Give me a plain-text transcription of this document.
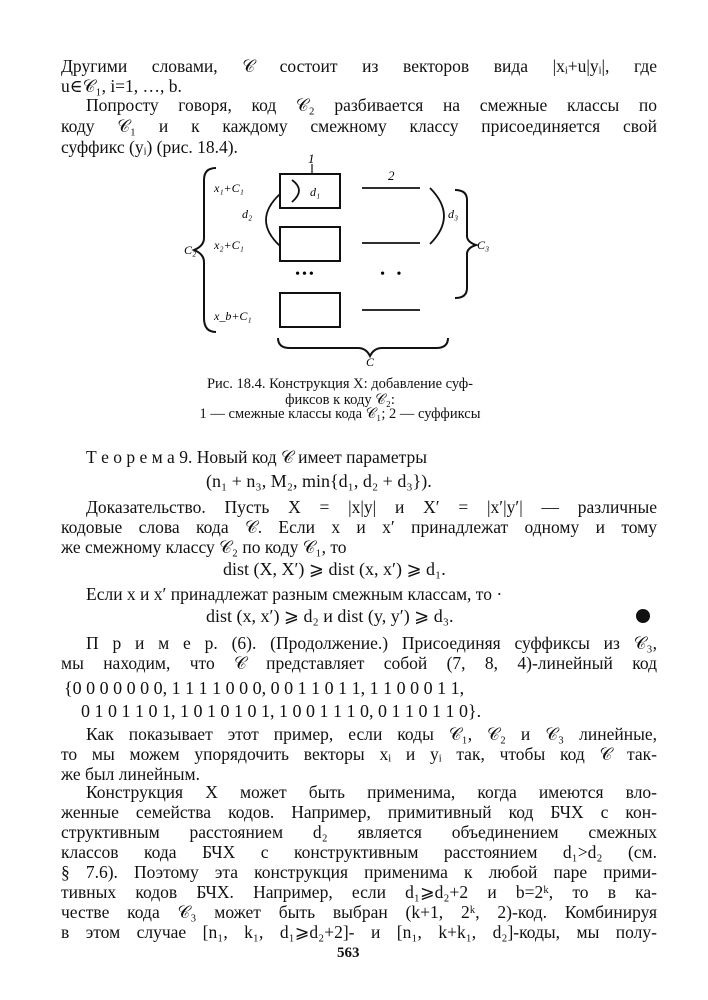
Другими словами, 𝒞 состоит из векторов вида |xᵢ+u|yᵢ|, где
u∈𝒞₁, i=1, …, b.
Попросту говоря, код 𝒞₂ разбивается на смежные классы по
коду 𝒞₁ и к каждому смежному классу присоединяется свой
суффикс (yᵢ) (рис. 18.4).
1
2
x₁+C₁
d₂
x₂+C₁
x_b+C₁
d₁
d₃
C₂	C₃
C
•••	• •
Рис. 18.4. Конструкция X: добавление суф-
фиксов к коду 𝒞₂:
1 — смежные классы кода 𝒞₁; 2 — суффиксы
Т е о р е м а 9. Новый код 𝒞 имеет параметры
(n₁ + n₃, M₂, min{d₁, d₂ + d₃}).
Доказательство. Пусть X = |x|y| и X′ = |x′|y′| — различные
кодовые слова кода 𝒞. Если x и x′ принадлежат одному и тому
же смежному классу 𝒞₂ по коду 𝒞₁, то
dist (X, X′) ⩾ dist (x, x′) ⩾ d₁.
Если x и x′ принадлежат разным смежным классам, то ·
dist (x, x′) ⩾ d₂ и dist (y, y′) ⩾ d₃.
П р и м е р. (6). (Продолжение.) Присоединяя суффиксы из 𝒞₃,
мы находим, что 𝒞 представляет собой (7, 8, 4)-линейный код
{0 0 0 0 0 0 0, 1 1 1 1 0 0 0, 0 0 1 1 0 1 1, 1 1 0 0 0 1 1,
0 1 0 1 1 0 1, 1 0 1 0 1 0 1, 1 0 0 1 1 1 0, 0 1 1 0 1 1 0}.
Как показывает этот пример, если коды 𝒞₁, 𝒞₂ и 𝒞₃ линейные,
то мы можем упорядочить векторы xᵢ и yᵢ так, чтобы код 𝒞 так-
же был линейным.
Конструкция X может быть применима, когда имеются вло-
женные семейства кодов. Например, примитивный код БЧХ с кон-
структивным расстоянием d₂ является объединением смежных
классов кода БЧХ с конструктивным расстоянием d₁>d₂ (см.
§ 7.6). Поэтому эта конструкция применима к любой паре прими-
тивных кодов БЧХ. Например, если d₁⩾d₂+2 и b=2ᵏ, то в ка-
честве кода 𝒞₃ может быть выбран (k+1, 2ᵏ, 2)-код. Комбинируя
в этом случае [n₁, k₁, d₁⩾d₂+2]- и [n₁, k+k₁, d₂]-коды, мы полу-
563
